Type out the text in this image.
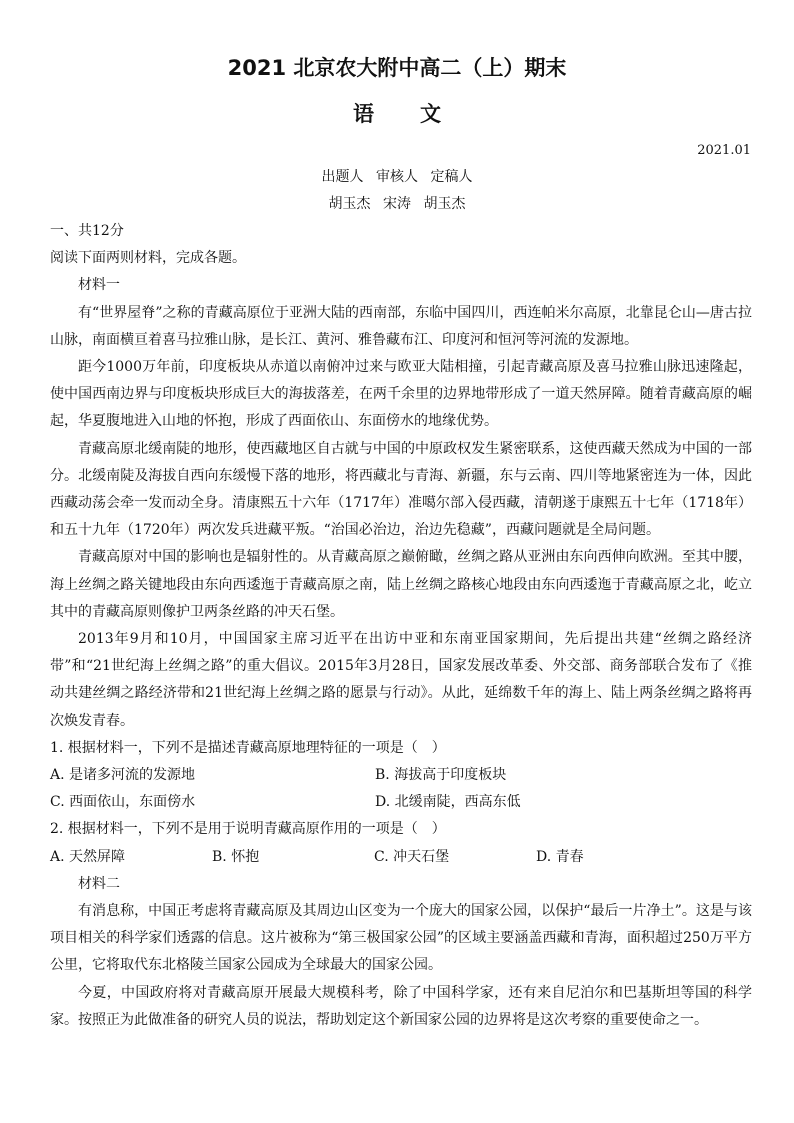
2021 北京农大附中高二（上）期末
语 文
2021.01
出题人 审核人 定稿人
胡玉杰 宋涛 胡玉杰

一、共12分

阅读下面两则材料，完成各题。

材料一

有“世界屋脊”之称的青藏高原位于亚洲大陆的西南部，东临中国四川，西连帕米尔高原，北靠昆仑山—唐古拉山脉，南面横亘着喜马拉雅山脉，是长江、黄河、雅鲁藏布江、印度河和恒河等河流的发源地。

距今1000万年前，印度板块从赤道以南俯冲过来与欧亚大陆相撞，引起青藏高原及喜马拉雅山脉迅速隆起，使中国西南边界与印度板块形成巨大的海拔落差，在两千余里的边界地带形成了一道天然屏障。随着青藏高原的崛起，华夏腹地进入山地的怀抱，形成了西面依山、东面傍水的地缘优势。

青藏高原北缓南陡的地形，使西藏地区自古就与中国的中原政权发生紧密联系，这使西藏天然成为中国的一部分。北缓南陡及海拔自西向东缓慢下落的地形，将西藏北与青海、新疆，东与云南、四川等地紧密连为一体，因此西藏动荡会牵一发而动全身。清康熙五十六年（1717年）准噶尔部入侵西藏，清朝遂于康熙五十七年（1718年）和五十九年（1720年）两次发兵进藏平叛。“治国必治边，治边先稳藏”，西藏问题就是全局问题。

青藏高原对中国的影响也是辐射性的。从青藏高原之巅俯瞰，丝绸之路从亚洲由东向西伸向欧洲。至其中腰，海上丝绸之路关键地段由东向西逶迤于青藏高原之南，陆上丝绸之路核心地段由东向西逶迤于青藏高原之北，屹立其中的青藏高原则像护卫两条丝路的冲天石堡。

2013年9月和10月，中国国家主席习近平在出访中亚和东南亚国家期间，先后提出共建“丝绸之路经济带”和“21世纪海上丝绸之路”的重大倡议。2015年3月28日，国家发展改革委、外交部、商务部联合发布了《推动共建丝绸之路经济带和21世纪海上丝绸之路的愿景与行动》。从此，延绵数千年的海上、陆上两条丝绸之路将再次焕发青春。

1. 根据材料一，下列不是描述青藏高原地理特征的一项是（　）

A. 是诸多河流的发源地	B. 海拔高于印度板块
C. 西面依山，东面傍水	D. 北缓南陡，西高东低

2. 根据材料一，下列不是用于说明青藏高原作用的一项是（　）

A. 天然屏障	B. 怀抱	C. 冲天石堡	D. 青春

材料二

有消息称，中国正考虑将青藏高原及其周边山区变为一个庞大的国家公园，以保护“最后一片净土”。这是与该项目相关的科学家们透露的信息。这片被称为“第三极国家公园”的区域主要涵盖西藏和青海，面积超过250万平方公里，它将取代东北格陵兰国家公园成为全球最大的国家公园。

今夏，中国政府将对青藏高原开展最大规模科考，除了中国科学家，还有来自尼泊尔和巴基斯坦等国的科学家。按照正为此做准备的研究人员的说法，帮助划定这个新国家公园的边界将是这次考察的重要使命之一。
